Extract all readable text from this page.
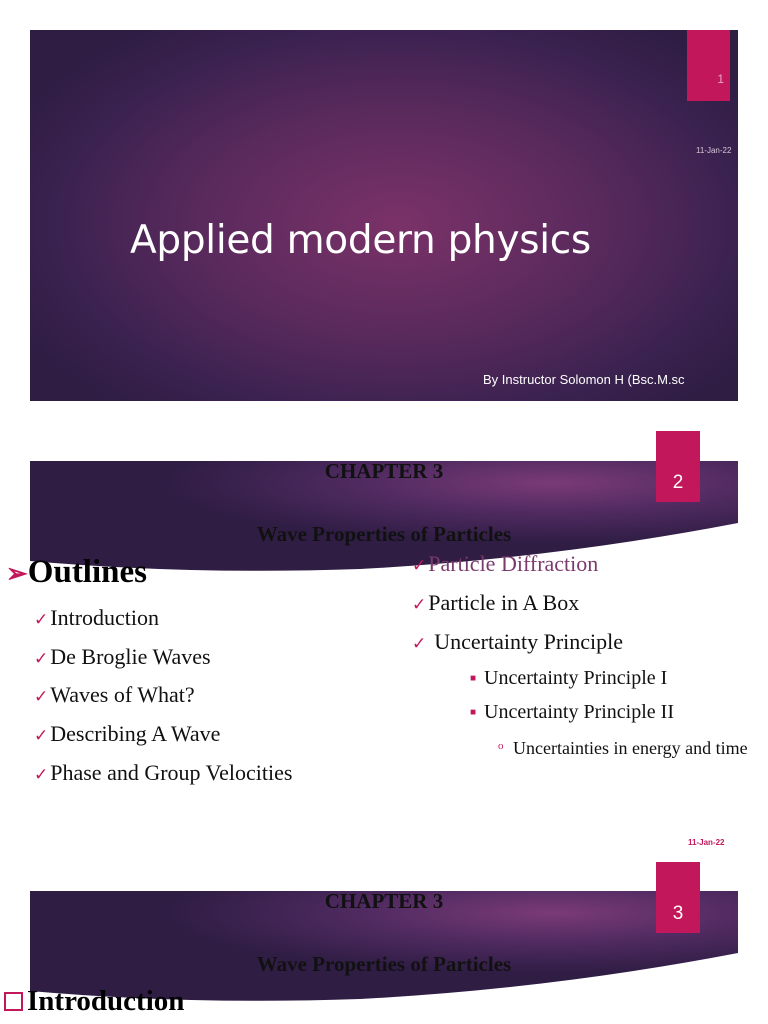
1
11-Jan-22
Applied modern physics
By Instructor Solomon H (Bsc.M.sc
CHAPTER 3
Wave Properties of Particles
2
➢Outlines
✓Introduction
✓De Broglie Waves
✓Waves of What?
✓Describing A Wave
✓Phase and Group Velocities
✓Particle Diffraction
✓Particle in A Box
✓ Uncertainty Principle
■ Uncertainty Principle I
■ Uncertainty Principle II
o Uncertainties in energy and time
11-Jan-22
CHAPTER 3
Wave Properties of Particles
3
Introduction
